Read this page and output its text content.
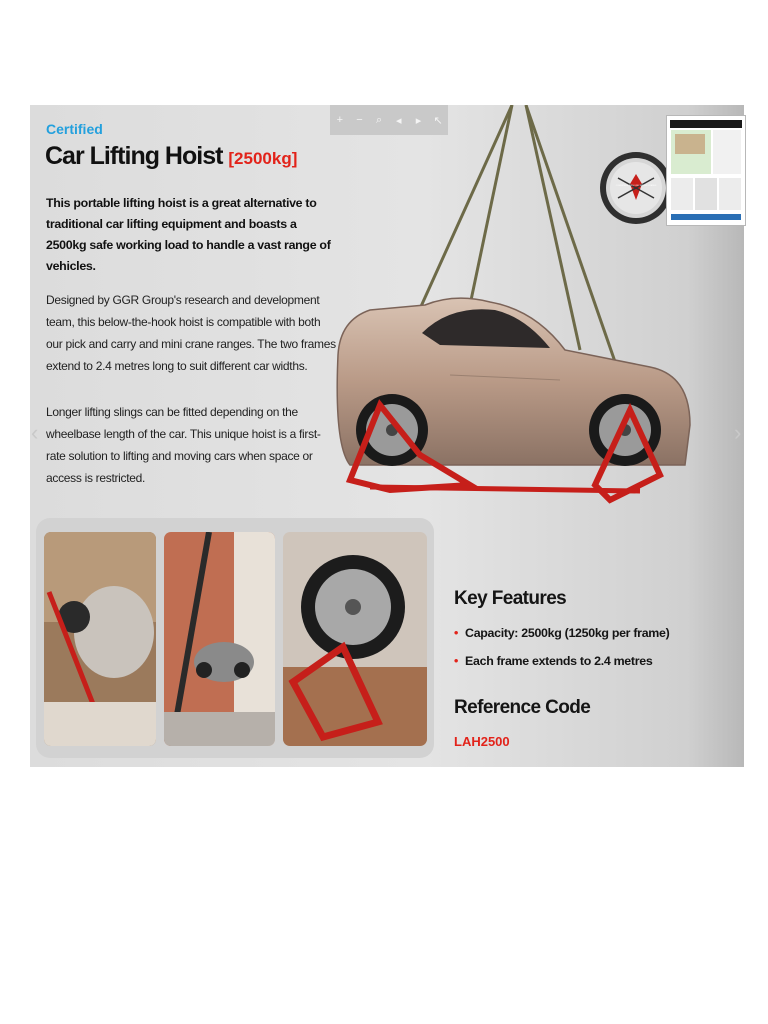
+	−	⌕	◂	▸	↖
‹	›
Certified
Car Lifting Hoist [2500kg]
This portable lifting hoist is a great alternative to traditional car lifting equipment and boasts a 2500kg safe working load to handle a vast range of vehicles.
Designed by GGR Group's research and development team, this below-the-hook hoist is compatible with both our pick and carry and mini crane ranges. The two frames extend to 2.4 metres long to suit different car widths.
Longer lifting slings can be fitted depending on the wheelbase length of the car. This unique hoist is a first-rate solution to lifting and moving cars when space or access is restricted.
COMPATIBLE WITH UNIC SPIDER CRANES
Key Features
• Capacity: 2500kg (1250kg per frame)
• Each frame extends to 2.4 metres
Reference Code
LAH2500
